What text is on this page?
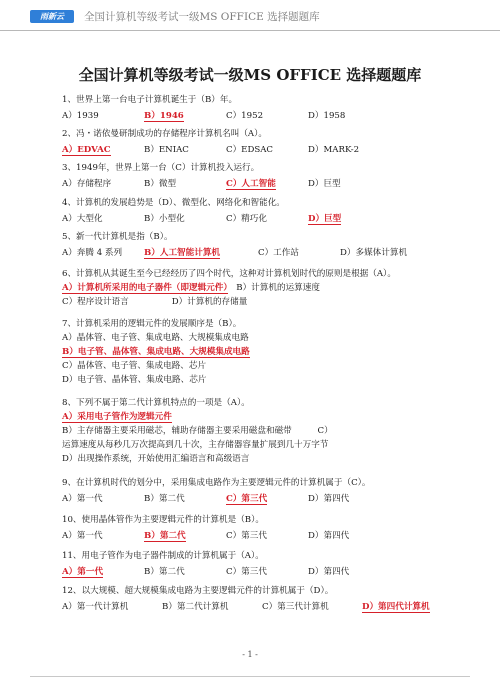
雨新云	全国计算机等级考试一级MS OFFICE 选择题题库
全国计算机等级考试一级MS OFFICE 选择题题库
1、世界上第一台电子计算机诞生于（B）年。
A）1939	B）1946	C）1952	D）1958
2、冯・诺依曼研制成功的存储程序计算机名叫（A）。
A）EDVAC	B）ENIAC	C）EDSAC	D）MARK-2
3、1949年，世界上第一台（C）计算机投入运行。
A）存储程序	B）微型	C）人工智能	D）巨型
4、计算机的发展趋势是（D）、微型化、网络化和智能化。
A）大型化	B）小型化	C）精巧化	D）巨型
5、新一代计算机是指（B）。
A）奔腾 4 系列	B）人工智能计算机	C）工作站	D）多媒体计算机
6、计算机从其诞生至今已经经历了四个时代，这种对计算机划时代的原则是根据（A）。
A）计算机所采用的电子器件（即逻辑元件）　B）计算机的运算速度
C）程序设计语言　　　　　D）计算机的存储量
7、计算机采用的逻辑元件的发展顺序是（B）。
A）晶体管、电子管、集成电路、大规模集成电路
B）电子管、晶体管、集成电路、大规模集成电路
C）晶体管、电子管、集成电路、芯片
D）电子管、晶体管、集成电路、芯片
8、下列不属于第二代计算机特点的一项是（A）。
A）采用电子管作为逻辑元件
B）主存储器主要采用磁芯，辅助存储器主要采用磁盘和磁带　　　C）
运算速度从每秒几万次提高到几十次，主存储器容量扩展到几十万字节
D）出现操作系统，开始使用汇编语言和高级语言
9、在计算机时代的划分中，采用集成电路作为主要逻辑元件的计算机属于（C）。
A）第一代	B）第二代	C）第三代	D）第四代
10、使用晶体管作为主要逻辑元件的计算机是（B）。
A）第一代	B）第二代	C）第三代	D）第四代
11、用电子管作为电子器件制成的计算机属于（A）。
A）第一代	B）第二代	C）第三代	D）第四代
12、以大规模、超大规模集成电路为主要逻辑元件的计算机属于（D）。
A）第一代计算机	B）第二代计算机	C）第三代计算机	D）第四代计算机
- 1 -
